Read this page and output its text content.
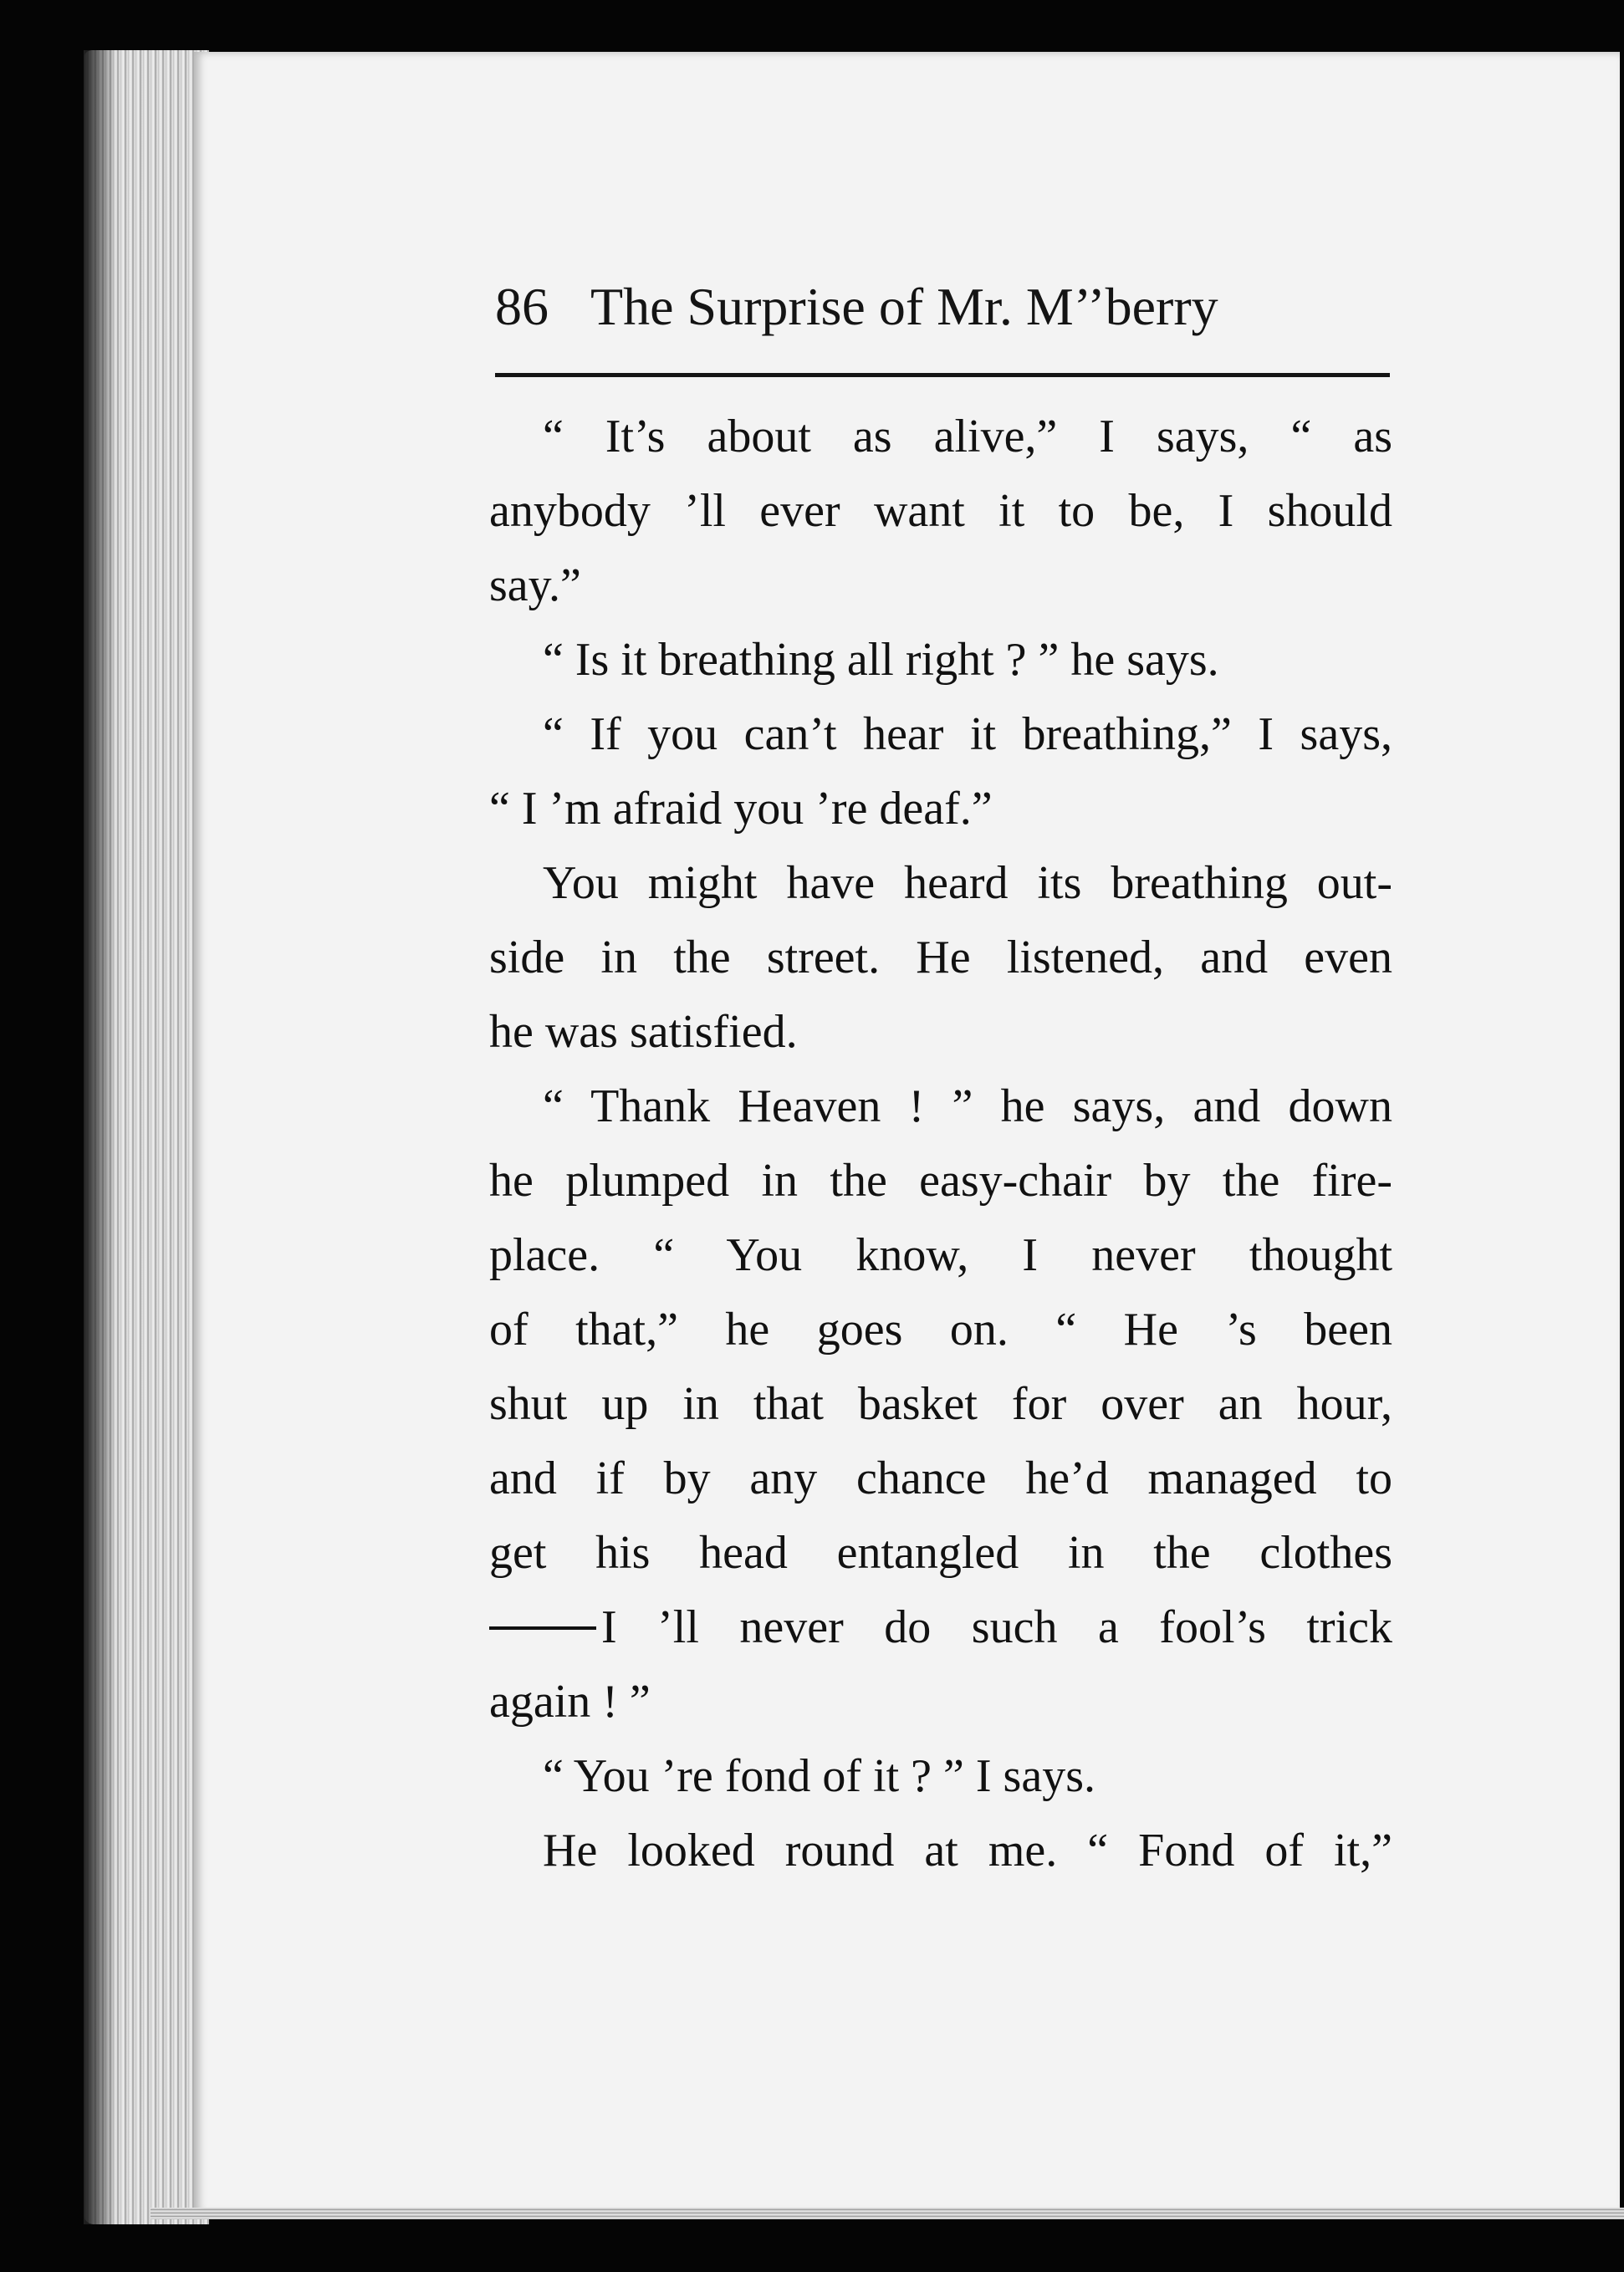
86 The Surprise of Mr. M’’berry
“ It’s about as alive,” I says, “ as
anybody ’ll ever want it to be, I should
say.”
“ Is it breathing all right ? ” he says.
“ If you can’t hear it breathing,” I says,
“ I ’m afraid you ’re deaf.”
You might have heard its breathing out-
side in the street. He listened, and even
he was satisfied.
“ Thank Heaven ! ” he says, and down
he plumped in the easy-chair by the fire-
place. “ You know, I never thought
of that,” he goes on. “ He ’s been
shut up in that basket for over an hour,
and if by any chance he’d managed to
get his head entangled in the clothes
I ’ll never do such a fool’s trick
again ! ”
“ You ’re fond of it ? ” I says.
He looked round at me. “ Fond of it,”
